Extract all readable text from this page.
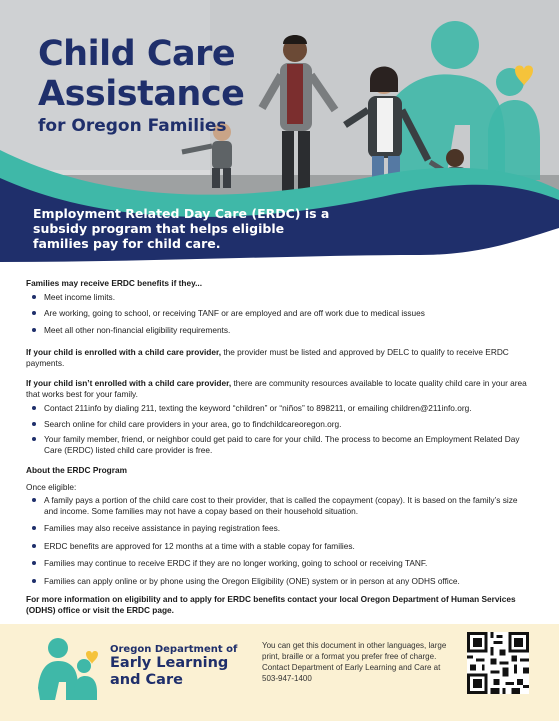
Child Care
Assistance
for Oregon Families
Employment Related Day Care (ERDC) is a subsidy program that helps eligible families pay for child care.

Families may receive ERDC benefits if they...

Meet income limits.
Are working, going to school, or receiving TANF or are employed and are off work due to medical issues
Meet all other non-financial eligibility requirements.

If your child is enrolled with a child care provider, the provider must be listed and approved by DELC to qualify to receive ERDC payments.

If your child isn’t enrolled with a child care provider, there are community resources available to locate quality child care in your area that works best for your family.

Contact 211info by dialing 211, texting the keyword “children” or “niños” to 898211, or emailing children@211info.org.
Search online for child care providers in your area, go to findchildcareoregon.org.
Your family member, friend, or neighbor could get paid to care for your child. The process to become an Employment Related Day Care (ERDC) listed child care provider is free.

About the ERDC Program

Once eligible:

A family pays a portion of the child care cost to their provider, that is called the copayment (copay). It is based on the family’s size and income. Some families may not have a copay based on their household situation.
Families may also receive assistance in paying registration fees.
ERDC benefits are approved for 12 months at a time with a stable copay for families.
Families may continue to receive ERDC if they are no longer working, going to school or receiving TANF.
Families can apply online or by phone using the Oregon Eligibility (ONE) system or in person at any ODHS office.

For more information on eligibility and to apply for ERDC benefits contact your local Oregon Department of Human Services (ODHS) office or visit the ERDC page.

Oregon Department of
Early Learning
and Care
You can get this document in other languages, large print, braille or a format you prefer free of charge. Contact Department of Early Learning and Care at 503-947-1400
